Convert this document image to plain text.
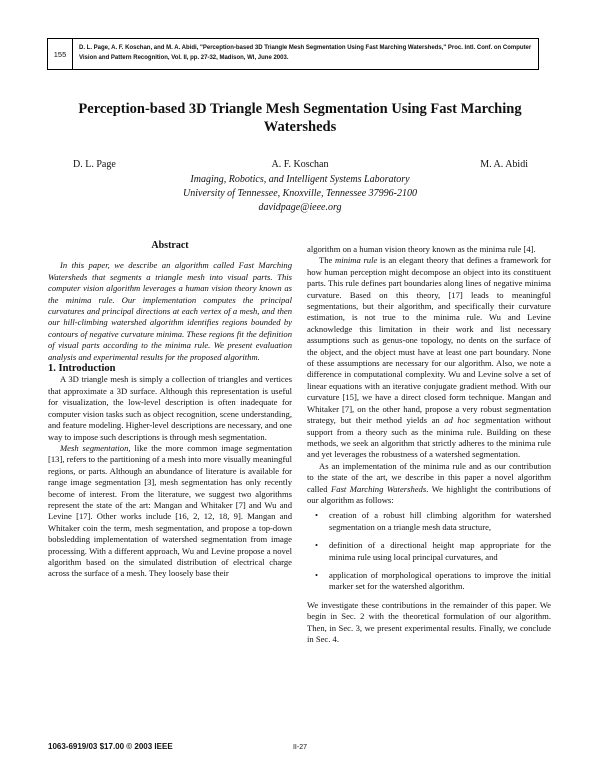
155
D. L. Page, A. F. Koschan, and M. A. Abidi, "Perception-based 3D Triangle Mesh Segmentation Using Fast Marching Watersheds," Proc. Intl. Conf. on Computer Vision and Pattern Recognition, Vol. II, pp. 27-32, Madison, WI, June 2003.
Perception-based 3D Triangle Mesh Segmentation Using Fast Marching Watersheds
D. L. Page	A. F. Koschan	M. A. Abidi
Imaging, Robotics, and Intelligent Systems Laboratory
University of Tennessee, Knoxville, Tennessee 37996-2100
davidpage@ieee.org
Abstract

In this paper, we describe an algorithm called Fast Marching Watersheds that segments a triangle mesh into visual parts. This computer vision algorithm leverages a human vision theory known as the minima rule. Our implementation computes the principal curvatures and principal directions at each vertex of a mesh, and then our hill-climbing watershed algorithm identifies regions bounded by contours of negative curvature minima. These regions fit the definition of visual parts according to the minima rule. We present evaluation analysis and experimental results for the proposed algorithm.

1. Introduction

A 3D triangle mesh is simply a collection of triangles and vertices that approximate a 3D surface. Although this representation is useful for visualization, the low-level description is often inadequate for computer vision tasks such as object recognition, scene understanding, and feature modeling. Higher-level descriptions are necessary, and one way to impose such descriptions is through mesh segmentation.

Mesh segmentation, like the more common image segmentation [13], refers to the partitioning of a mesh into more visually meaningful regions, or parts. Although an abundance of literature is available for range image segmentation [3], mesh segmentation has only recently become of interest. From the literature, we suggest two algorithms represent the state of the art: Mangan and Whitaker [7] and Wu and Levine [17]. Other works include [16, 2, 12, 18, 9]. Mangan and Whitaker coin the term, mesh segmentation, and propose a top-down bobsledding implementation of watershed segmentation from image processing. With a different approach, Wu and Levine propose a novel algorithm based on the simulated distribution of electrical charge across the surface of a mesh. They loosely base their

algorithm on a human vision theory known as the minima rule [4].

The minima rule is an elegant theory that defines a framework for how human perception might decompose an object into its constituent parts. This rule defines part boundaries along lines of negative minima curvature. Based on this theory, [17] leads to meaningful segmentations, but their algorithm, and specifically their curvature estimation, is not true to the minima rule. Wu and Levine acknowledge this limitation in their work and list necessary assumptions such as genus-one topology, no dents on the surface of the object, and the object must have at least one part boundary. None of these assumptions are necessary for our algorithm. Also, we note a difference in computational complexity. Wu and Levine solve a set of linear equations with an iterative conjugate gradient method. With our curvature [15], we have a direct closed form technique. Mangan and Whitaker [7], on the other hand, propose a very robust segmentation strategy, but their method yields an ad hoc segmentation without support from a theory such as the minima rule. Building on these methods, we seek an algorithm that strictly adheres to the minima rule and yet leverages the robustness of a watershed segmentation.

As an implementation of the minima rule and as our contribution to the state of the art, we describe in this paper a novel algorithm called Fast Marching Watersheds. We highlight the contributions of our algorithm as follows:

• creation of a robust hill climbing algorithm for watershed segmentation on a triangle mesh data structure,
• definition of a directional height map appropriate for the minima rule using local principal curvatures, and
• application of morphological operations to improve the initial marker set for the watershed algorithm.

We investigate these contributions in the remainder of this paper. We begin in Sec. 2 with the theoretical formulation of our algorithm. Then, in Sec. 3, we present experimental results. Finally, we conclude in Sec. 4.

1063-6919/03 $17.00 © 2003 IEEE	II-27
